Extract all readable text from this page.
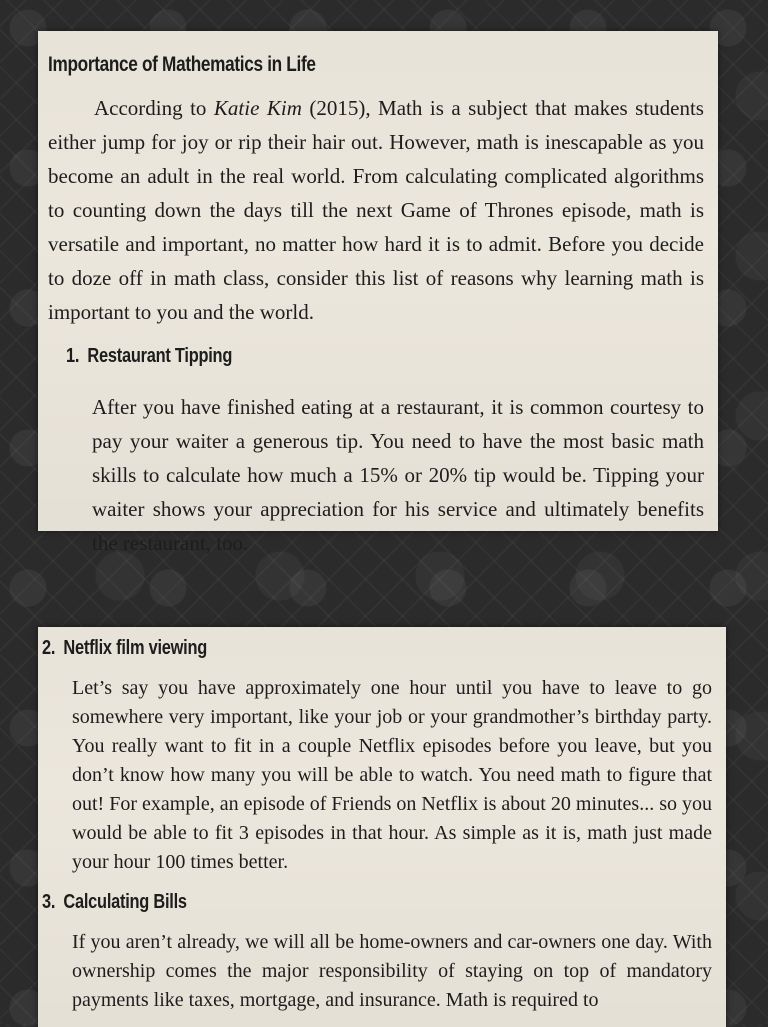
Importance of Mathematics in Life

According to Katie Kim (2015), Math is a subject that makes students either jump for joy or rip their hair out. However, math is inescapable as you become an adult in the real world. From calculating complicated algorithms to counting down the days till the next Game of Thrones episode, math is versatile and important, no matter how hard it is to admit. Before you decide to doze off in math class, consider this list of reasons why learning math is important to you and the world.

1. Restaurant Tipping

After you have finished eating at a restaurant, it is common courtesy to pay your waiter a generous tip. You need to have the most basic math skills to calculate how much a 15% or 20% tip would be. Tipping your waiter shows your appreciation for his service and ultimately benefits the restaurant, too.

2. Netflix film viewing

Let’s say you have approximately one hour until you have to leave to go somewhere very important, like your job or your grandmother’s birthday party. You really want to fit in a couple Netflix episodes before you leave, but you don’t know how many you will be able to watch. You need math to figure that out! For example, an episode of Friends on Netflix is about 20 minutes... so you would be able to fit 3 episodes in that hour. As simple as it is, math just made your hour 100 times better.

3. Calculating Bills

If you aren’t already, we will all be home-owners and car-owners one day. With ownership comes the major responsibility of staying on top of mandatory payments like taxes, mortgage, and insurance. Math is required to
